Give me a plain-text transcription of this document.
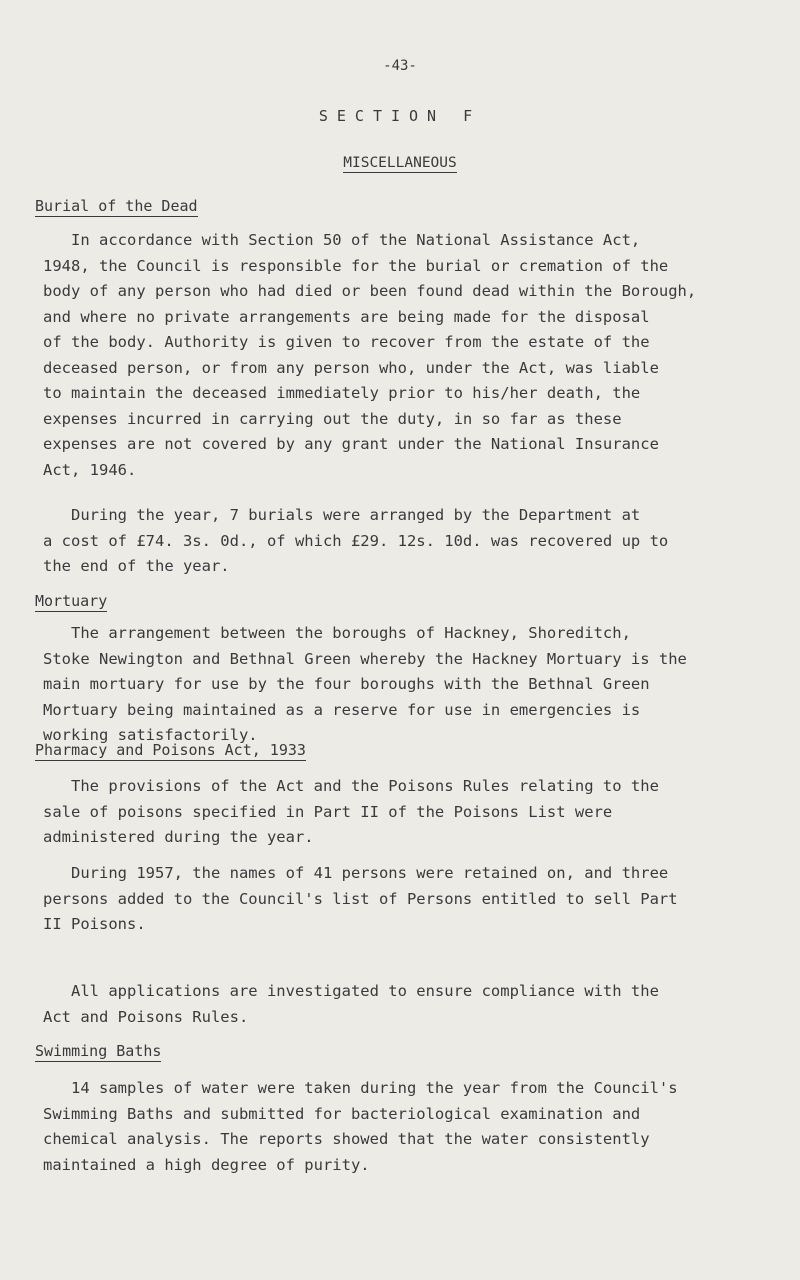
-43-
SECTION F
MISCELLANEOUS
Burial of the Dead

In accordance with Section 50 of the National Assistance Act,
1948, the Council is responsible for the burial or cremation of the
body of any person who had died or been found dead within the Borough,
and where no private arrangements are being made for the disposal
of the body. Authority is given to recover from the estate of the
deceased person, or from any person who, under the Act, was liable
to maintain the deceased immediately prior to his/her death, the
expenses incurred in carrying out the duty, in so far as these
expenses are not covered by any grant under the National Insurance
Act, 1946.

During the year, 7 burials were arranged by the Department at
a cost of £74. 3s. 0d., of which £29. 12s. 10d. was recovered up to
the end of the year.

Mortuary

The arrangement between the boroughs of Hackney, Shoreditch,
Stoke Newington and Bethnal Green whereby the Hackney Mortuary is the
main mortuary for use by the four boroughs with the Bethnal Green
Mortuary being maintained as a reserve for use in emergencies is
working satisfactorily.

Pharmacy and Poisons Act, 1933

The provisions of the Act and the Poisons Rules relating to the
sale of poisons specified in Part II of the Poisons List were
administered during the year.

During 1957, the names of 41 persons were retained on, and three
persons added to the Council's list of Persons entitled to sell Part
II Poisons.

All applications are investigated to ensure compliance with the
Act and Poisons Rules.

Swimming Baths

14 samples of water were taken during the year from the Council's
Swimming Baths and submitted for bacteriological examination and
chemical analysis. The reports showed that the water consistently
maintained a high degree of purity.
